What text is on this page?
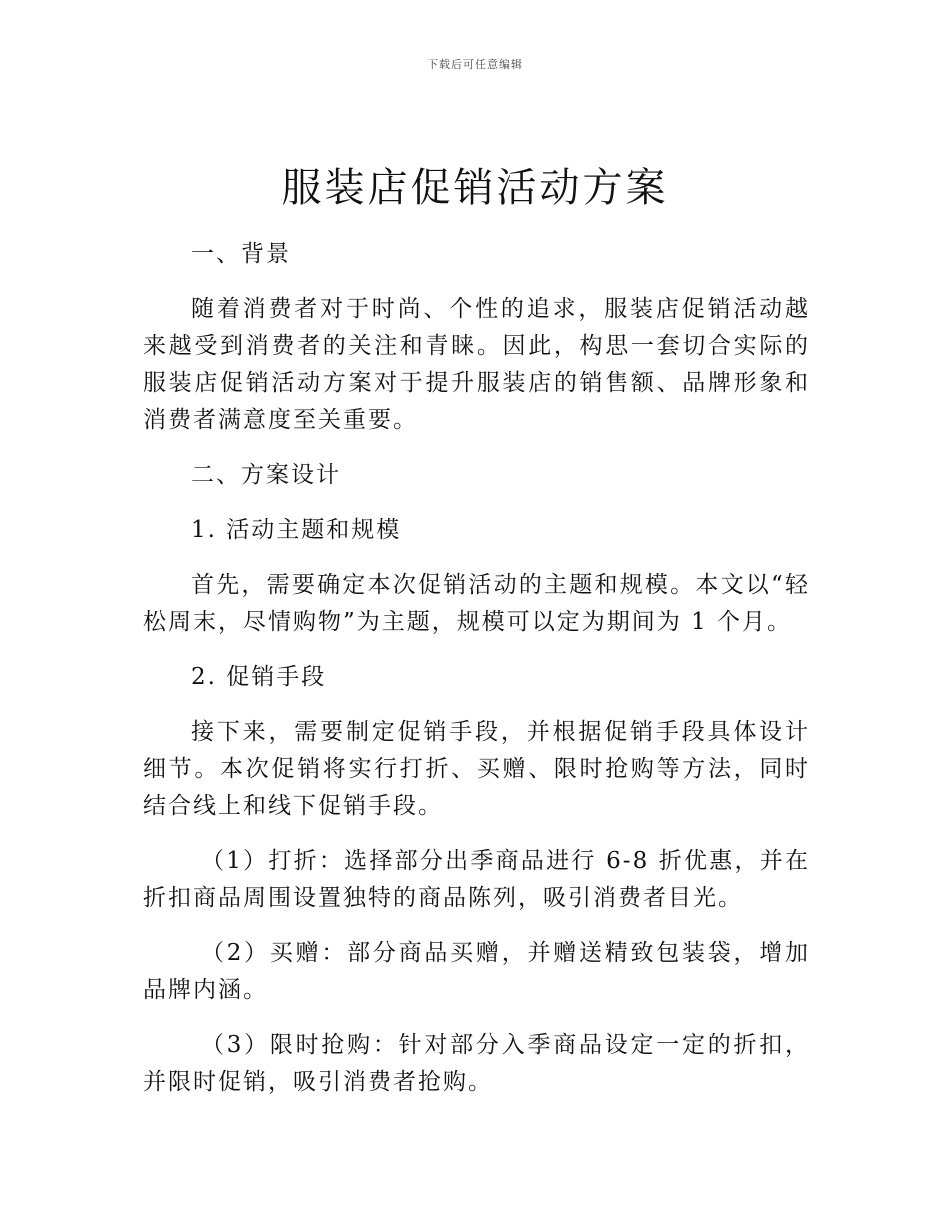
下载后可任意编辑
服装店促销活动方案

一、背景

随着消费者对于时尚、个性的追求，服装店促销活动越来越受到消费者的关注和青睐。因此，构思一套切合实际的服装店促销活动方案对于提升服装店的销售额、品牌形象和消费者满意度至关重要。

二、方案设计

1. 活动主题和规模

首先，需要确定本次促销活动的主题和规模。本文以“轻松周末，尽情购物”为主题，规模可以定为期间为 1 个月。

2. 促销手段

接下来，需要制定促销手段，并根据促销手段具体设计细节。本次促销将实行打折、买赠、限时抢购等方法，同时结合线上和线下促销手段。

（1）打折：选择部分出季商品进行 6-8 折优惠，并在折扣商品周围设置独特的商品陈列，吸引消费者目光。

（2）买赠：部分商品买赠，并赠送精致包装袋，增加品牌内涵。

（3）限时抢购：针对部分入季商品设定一定的折扣，并限时促销，吸引消费者抢购。
